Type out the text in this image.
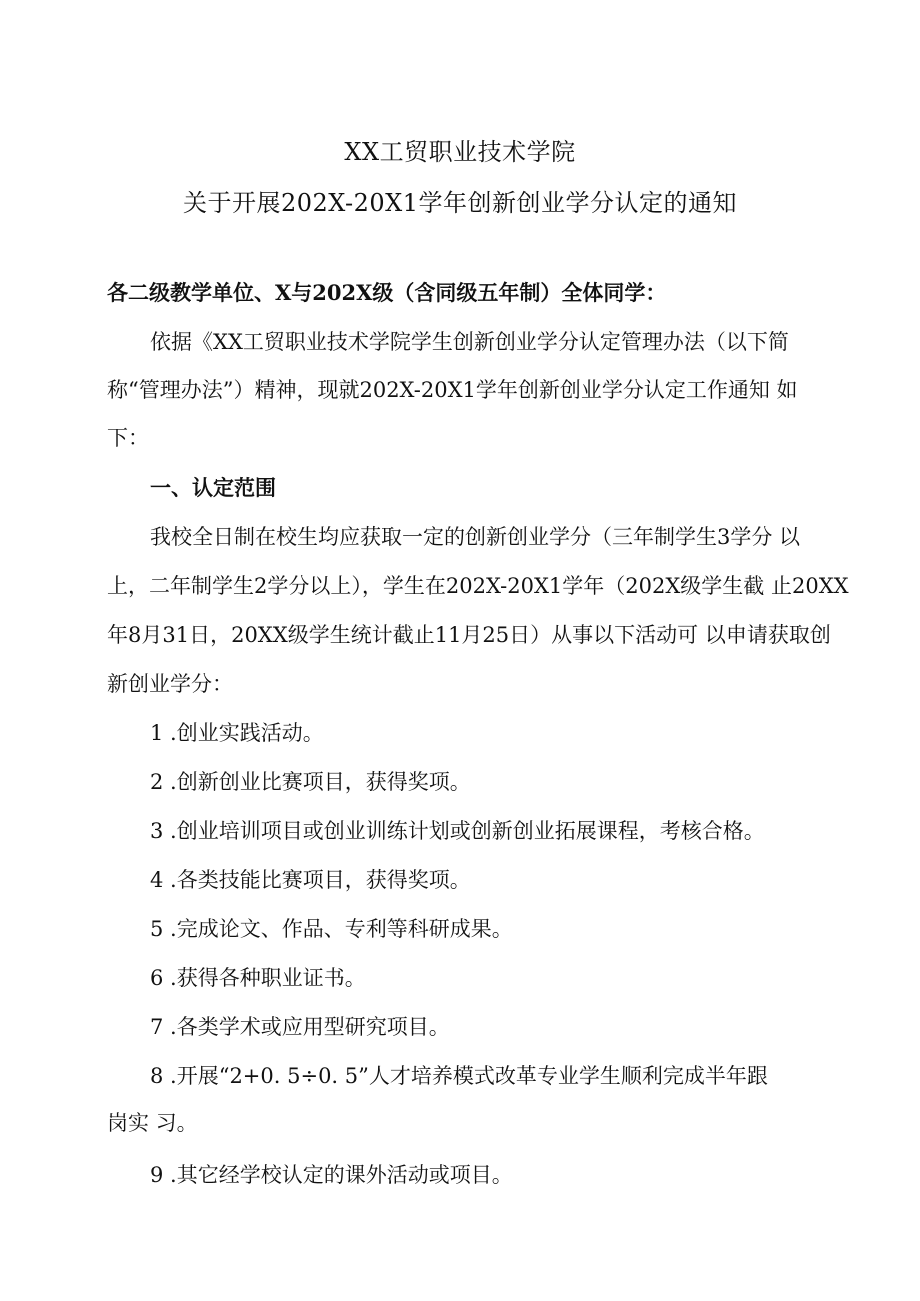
XX工贸职业技术学院
关于开展202X-20X1学年创新创业学分认定的通知
各二级教学单位、X与202X级（含同级五年制）全体同学：
依据《XX工贸职业技术学院学生创新创业学分认定管理办法（以下简
称“管理办法”）精神，现就202X-20X1学年创新创业学分认定工作通知 如
下：
一、认定范围
我校全日制在校生均应获取一定的创新创业学分（三年制学生3学分 以
上，二年制学生2学分以上），学生在202X-20X1学年（202X级学生截 止20XX
年8月31日，20XX级学生统计截止11月25日）从事以下活动可 以申请获取创
新创业学分：
1 .创业实践活动。
2 .创新创业比赛项目，获得奖项。
3 .创业培训项目或创业训练计划或创新创业拓展课程，考核合格。
4 .各类技能比赛项目，获得奖项。
5 .完成论文、作品、专利等科研成果。
6 .获得各种职业证书。
7 .各类学术或应用型研究项目。
8 .开展“2+0. 5÷0. 5”人才培养模式改革专业学生顺利完成半年跟
岗实 习。
9 .其它经学校认定的课外活动或项目。
